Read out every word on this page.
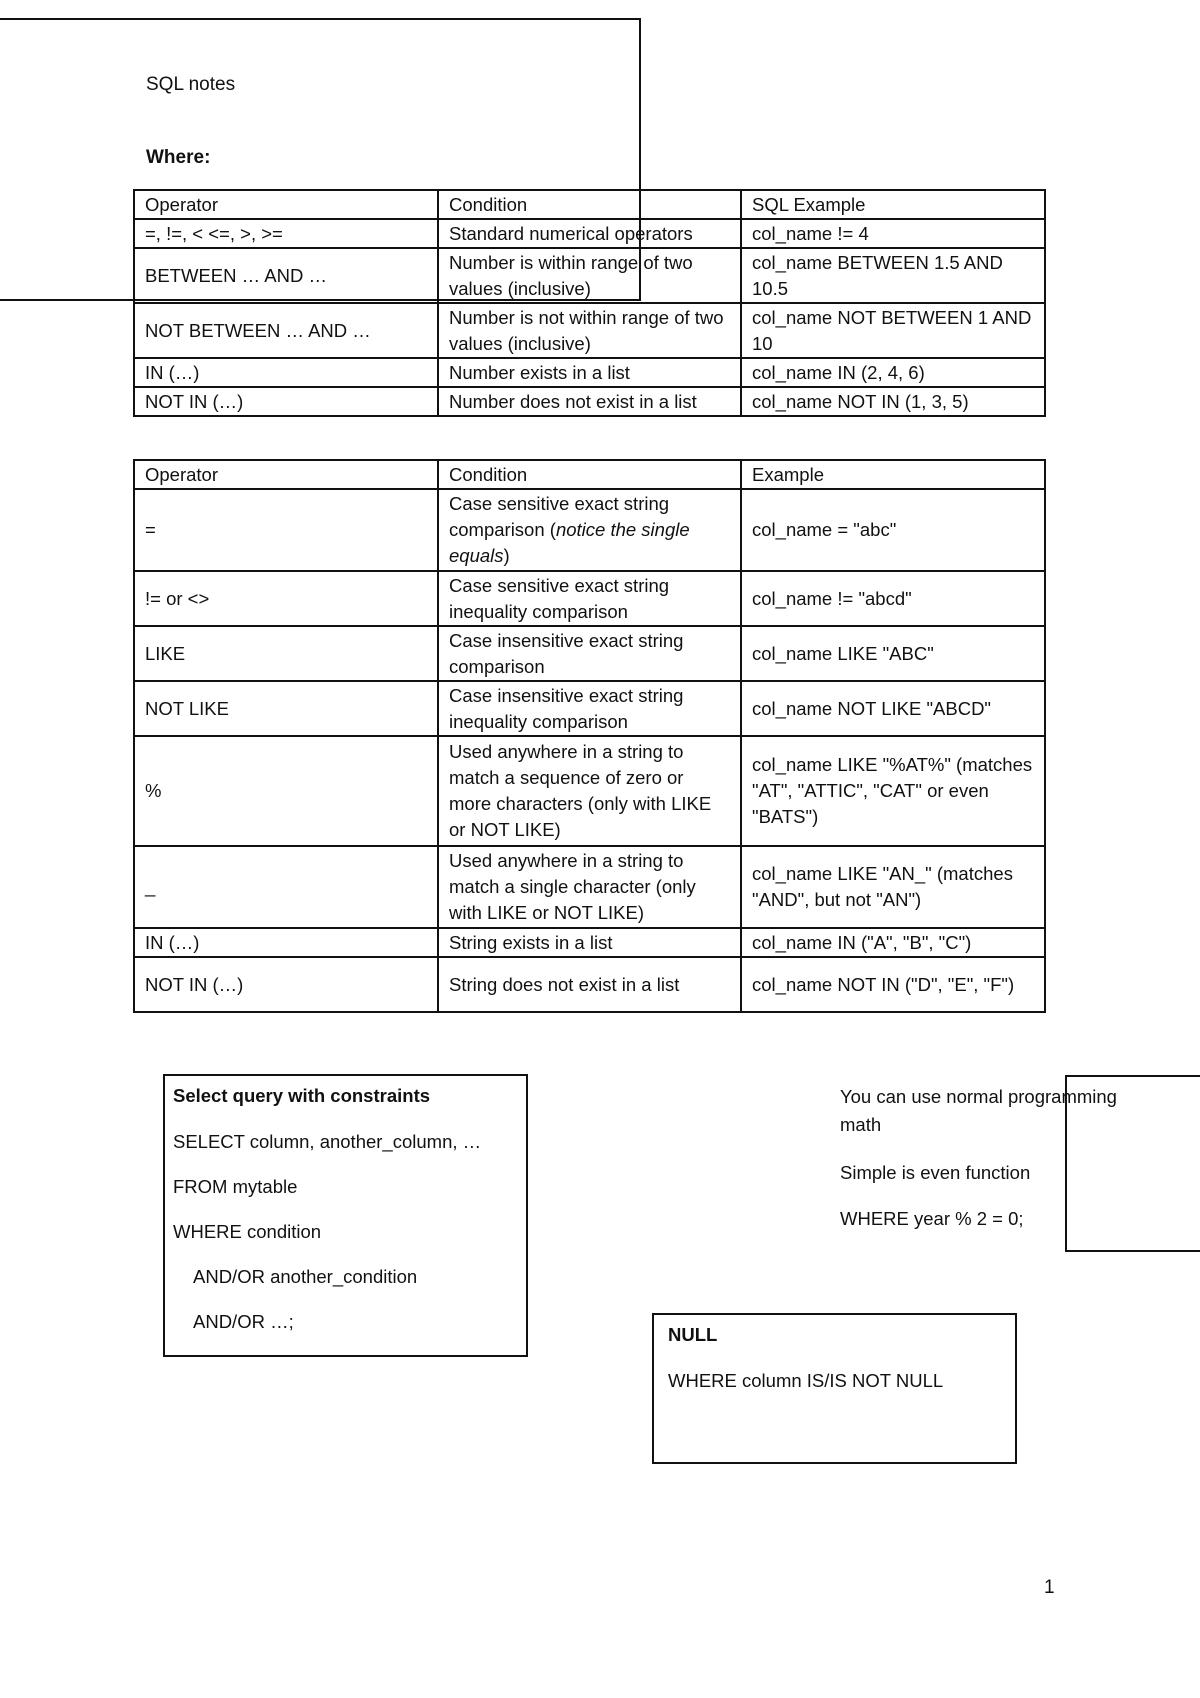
SQL notes
Where:
Operator	Condition	SQL Example
=, !=, < <=, >, >=	Standard numerical operators	col_name != 4
BETWEEN … AND …	Number is within range of two values (inclusive)	col_name BETWEEN 1.5 AND 10.5
NOT BETWEEN … AND …	Number is not within range of two values (inclusive)	col_name NOT BETWEEN 1 AND 10
IN (…)	Number exists in a list	col_name IN (2, 4, 6)
NOT IN (…)	Number does not exist in a list	col_name NOT IN (1, 3, 5)
Operator	Condition	Example
=	Case sensitive exact string comparison (notice the single equals)	col_name = "abc"
!= or <>	Case sensitive exact string inequality comparison	col_name != "abcd"
LIKE	Case insensitive exact string comparison	col_name LIKE "ABC"
NOT LIKE	Case insensitive exact string inequality comparison	col_name NOT LIKE "ABCD"
%	Used anywhere in a string to match a sequence of zero or more characters (only with LIKE or NOT LIKE)	col_name LIKE "%AT%" (matches "AT", "ATTIC", "CAT" or even "BATS")
_	Used anywhere in a string to match a single character (only with LIKE or NOT LIKE)	col_name LIKE "AN_" (matches "AND", but not "AN")
IN (…)	String exists in a list	col_name IN ("A", "B", "C")
NOT IN (…)	String does not exist in a list	col_name NOT IN ("D", "E", "F")

Select query with constraints

SELECT column, another_column, …

FROM mytable

WHERE condition

AND/OR another_condition

AND/OR …;

You can use normal programming math

Simple is even function

WHERE year % 2 = 0;

NULL

WHERE column IS/IS NOT NULL

1
